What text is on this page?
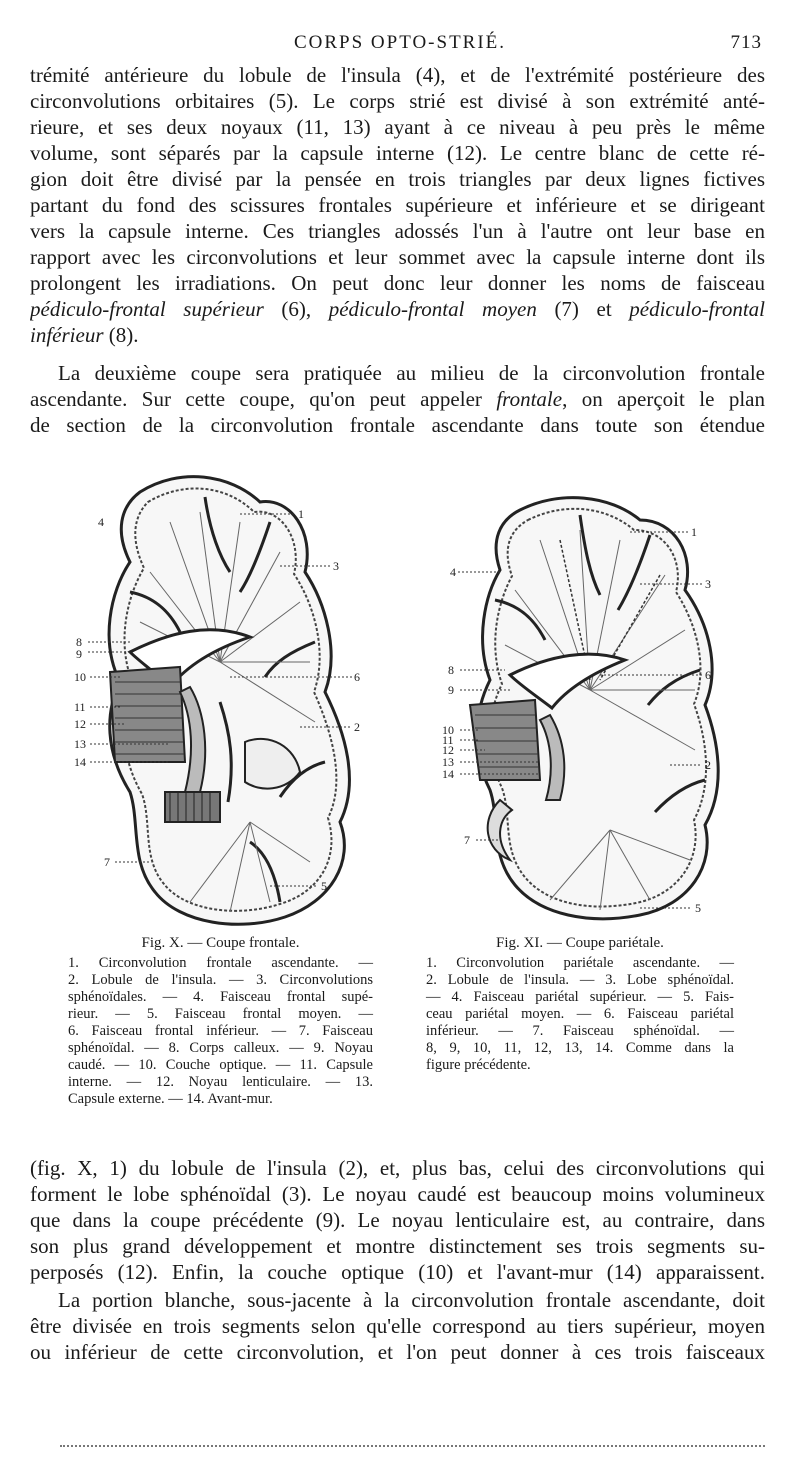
CORPS OPTO-STRIÉ.	713
trémité antérieure du lobule de l'insula (4), et de l'extrémité postérieure des
circonvolutions orbitaires (5). Le corps strié est divisé à son extrémité anté-
rieure, et ses deux noyaux (11, 13) ayant à ce niveau à peu près le même
volume, sont séparés par la capsule interne (12). Le centre blanc de cette ré-
gion doit être divisé par la pensée en trois triangles par deux lignes fictives
partant du fond des scissures frontales supérieure et inférieure et se dirigeant
vers la capsule interne. Ces triangles adossés l'un à l'autre ont leur base en
rapport avec les circonvolutions et leur sommet avec la capsule interne dont ils
prolongent les irradiations. On peut donc leur donner les noms de faisceau
pédiculo-frontal supérieur (6), pédiculo-frontal moyen (7) et pédiculo-frontal
inférieur (8).
La deuxième coupe sera pratiquée au milieu de la circonvolution frontale
ascendante. Sur cette coupe, qu'on peut appeler frontale, on aperçoit le plan
de section de la circonvolution frontale ascendante dans toute son étendue
4
8
9
10
11
12
13
14
7
1
3
6
2
5
4
8
9
10
11
12
13
14
7
1
3
6
2
5
Fig. X. — Coupe frontale.
1. Circonvolution frontale ascendante. —
2. Lobule de l'insula. — 3. Circonvolutions
sphénoïdales. — 4. Faisceau frontal supé-
rieur. — 5. Faisceau frontal moyen. —
6. Faisceau frontal inférieur. — 7. Faisceau
sphénoïdal. — 8. Corps calleux. — 9. Noyau
caudé. — 10. Couche optique. — 11. Capsule
interne. — 12. Noyau lenticulaire. — 13.
Capsule externe. — 14. Avant-mur.
Fig. XI. — Coupe pariétale.
1. Circonvolution pariétale ascendante. —
2. Lobule de l'insula. — 3. Lobe sphénoïdal.
— 4. Faisceau pariétal supérieur. — 5. Fais-
ceau pariétal moyen. — 6. Faisceau pariétal
inférieur. — 7. Faisceau sphénoïdal. —
8, 9, 10, 11, 12, 13, 14. Comme dans la
figure précédente.
(fig. X, 1) du lobule de l'insula (2), et, plus bas, celui des circonvolutions qui
forment le lobe sphénoïdal (3). Le noyau caudé est beaucoup moins volumineux
que dans la coupe précédente (9). Le noyau lenticulaire est, au contraire, dans
son plus grand développement et montre distinctement ses trois segments su-
perposés (12). Enfin, la couche optique (10) et l'avant-mur (14) apparaissent.
La portion blanche, sous-jacente à la circonvolution frontale ascendante, doit
être divisée en trois segments selon qu'elle correspond au tiers supérieur, moyen
ou inférieur de cette circonvolution, et l'on peut donner à ces trois faisceaux
